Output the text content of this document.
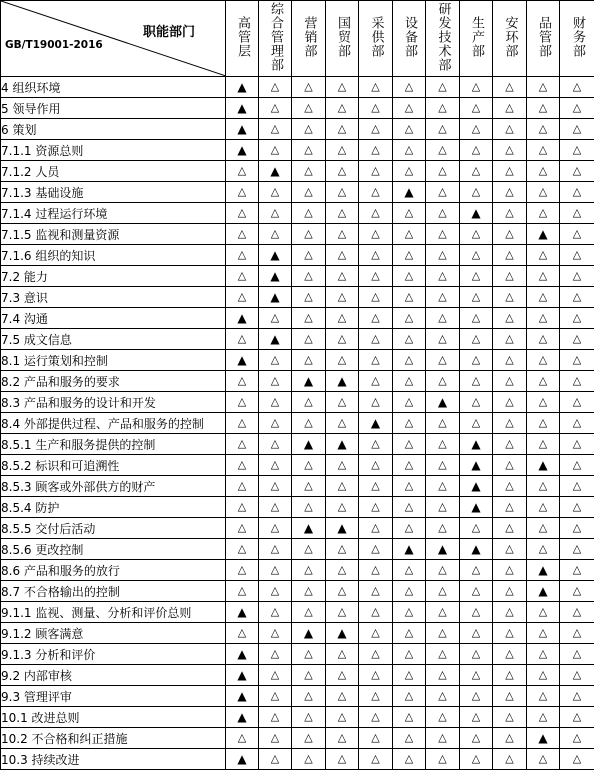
GB/T19001-2016
职能部门	高管层	综合管理部	营销部	国贸部	采供部	设备部	研发技术部	生产部	安环部	品管部	财务部
4 组织环境	▲	△	△	△	△	△	△	△	△	△	△
5 领导作用	▲	△	△	△	△	△	△	△	△	△	△
6 策划	▲	△	△	△	△	△	△	△	△	△	△
7.1.1 资源总则	▲	△	△	△	△	△	△	△	△	△	△
7.1.2 人员	△	▲	△	△	△	△	△	△	△	△	△
7.1.3 基础设施	△	△	△	△	△	▲	△	△	△	△	△
7.1.4 过程运行环境	△	△	△	△	△	△	△	▲	△	△	△
7.1.5 监视和测量资源	△	△	△	△	△	△	△	△	△	▲	△
7.1.6 组织的知识	△	▲	△	△	△	△	△	△	△	△	△
7.2 能力	△	▲	△	△	△	△	△	△	△	△	△
7.3 意识	△	▲	△	△	△	△	△	△	△	△	△
7.4 沟通	▲	△	△	△	△	△	△	△	△	△	△
7.5 成文信息	△	▲	△	△	△	△	△	△	△	△	△
8.1 运行策划和控制	▲	△	△	△	△	△	△	△	△	△	△
8.2 产品和服务的要求	△	△	▲	▲	△	△	△	△	△	△	△
8.3 产品和服务的设计和开发	△	△	△	△	△	△	▲	△	△	△	△
8.4 外部提供过程、产品和服务的控制	△	△	△	△	▲	△	△	△	△	△	△
8.5.1 生产和服务提供的控制	△	△	▲	▲	△	△	△	▲	△	△	△
8.5.2 标识和可追溯性	△	△	△	△	△	△	△	▲	△	▲	△
8.5.3 顾客或外部供方的财产	△	△	△	△	△	△	△	▲	△	△	△
8.5.4 防护	△	△	△	△	△	△	△	▲	△	△	△
8.5.5 交付后活动	△	△	▲	▲	△	△	△	△	△	△	△
8.5.6 更改控制	△	△	△	△	△	▲	▲	▲	△	△	△
8.6 产品和服务的放行	△	△	△	△	△	△	△	△	△	▲	△
8.7 不合格输出的控制	△	△	△	△	△	△	△	△	△	▲	△
9.1.1 监视、测量、分析和评价总则	▲	△	△	△	△	△	△	△	△	△	△
9.1.2 顾客满意	△	△	▲	▲	△	△	△	△	△	△	△
9.1.3 分析和评价	▲	△	△	△	△	△	△	△	△	△	△
9.2 内部审核	▲	△	△	△	△	△	△	△	△	△	△
9.3 管理评审	▲	△	△	△	△	△	△	△	△	△	△
10.1 改进总则	▲	△	△	△	△	△	△	△	△	△	△
10.2 不合格和纠正措施	△	△	△	△	△	△	△	△	△	▲	△
10.3 持续改进	▲	△	△	△	△	△	△	△	△	△	△
